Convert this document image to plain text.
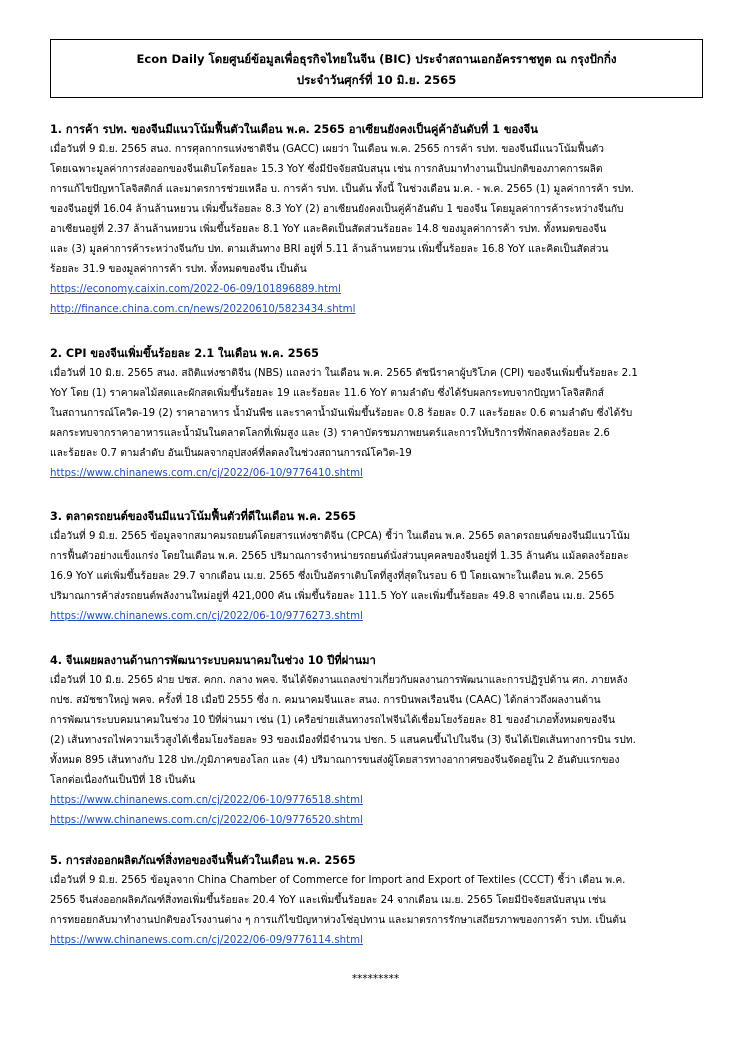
Econ Daily โดยศูนย์ข้อมูลเพื่อธุรกิจไทยในจีน (BIC) ประจำสถานเอกอัครราชทูต ณ กรุงปักกิ่ง
ประจำวันศุกร์ที่ 10 มิ.ย. 2565
1. การค้า รปท. ของจีนมีแนวโน้มฟื้นตัวในเดือน พ.ค. 2565 อาเซียนยังคงเป็นคู่ค้าอันดับที่ 1 ของจีน
เมื่อวันที่ 9 มิ.ย. 2565 สนง. การศุลกากรแห่งชาติจีน (GACC) เผยว่า ในเดือน พ.ค. 2565 การค้า รปท. ของจีนมีแนวโน้มฟื้นตัว
โดยเฉพาะมูลค่าการส่งออกของจีนเติบโตร้อยละ 15.3 YoY ซึ่งมีปัจจัยสนับสนุน เช่น การกลับมาทำงานเป็นปกติของภาคการผลิต
การแก้ไขปัญหาโลจิสติกส์ และมาตรการช่วยเหลือ บ. การค้า รปท. เป็นต้น ทั้งนี้ ในช่วงเดือน ม.ค. - พ.ค. 2565 (1) มูลค่าการค้า รปท.
ของจีนอยู่ที่ 16.04 ล้านล้านหยวน เพิ่มขึ้นร้อยละ 8.3 YoY (2) อาเซียนยังคงเป็นคู่ค้าอันดับ 1 ของจีน โดยมูลค่าการค้าระหว่างจีนกับ
อาเซียนอยู่ที่ 2.37 ล้านล้านหยวน เพิ่มขึ้นร้อยละ 8.1 YoY และคิดเป็นสัดส่วนร้อยละ 14.8 ของมูลค่าการค้า รปท. ทั้งหมดของจีน
และ (3) มูลค่าการค้าระหว่างจีนกับ ปท. ตามเส้นทาง BRI อยู่ที่ 5.11 ล้านล้านหยวน เพิ่มขึ้นร้อยละ 16.8 YoY และคิดเป็นสัดส่วน
ร้อยละ 31.9 ของมูลค่าการค้า รปท. ทั้งหมดของจีน เป็นต้น
https://economy.caixin.com/2022-06-09/101896889.html
http://finance.china.com.cn/news/20220610/5823434.shtml
2. CPI ของจีนเพิ่มขึ้นร้อยละ 2.1 ในเดือน พ.ค. 2565
เมื่อวันที่ 10 มิ.ย. 2565 สนง. สถิติแห่งชาติจีน (NBS) แถลงว่า ในเดือน พ.ค. 2565 ดัชนีราคาผู้บริโภค (CPI) ของจีนเพิ่มขึ้นร้อยละ 2.1
YoY โดย (1) ราคาผลไม้สดและผักสดเพิ่มขึ้นร้อยละ 19 และร้อยละ 11.6 YoY ตามลำดับ ซึ่งได้รับผลกระทบจากปัญหาโลจิสติกส์
ในสถานการณ์โควิด-19 (2) ราคาอาหาร น้ำมันพืช และราคาน้ำมันเพิ่มขึ้นร้อยละ 0.8 ร้อยละ 0.7 และร้อยละ 0.6 ตามลำดับ ซึ่งได้รับ
ผลกระทบจากราคาอาหารและน้ำมันในตลาดโลกที่เพิ่มสูง และ (3) ราคาบัตรชมภาพยนตร์และการให้บริการที่พักลดลงร้อยละ 2.6
และร้อยละ 0.7 ตามลำดับ อันเป็นผลจากอุปสงค์ที่ลดลงในช่วงสถานการณ์โควิด-19
https://www.chinanews.com.cn/cj/2022/06-10/9776410.shtml
3. ตลาดรถยนต์ของจีนมีแนวโน้มฟื้นตัวที่ดีในเดือน พ.ค. 2565
เมื่อวันที่ 9 มิ.ย. 2565 ข้อมูลจากสมาคมรถยนต์โดยสารแห่งชาติจีน (CPCA) ชี้ว่า ในเดือน พ.ค. 2565 ตลาดรถยนต์ของจีนมีแนวโน้ม
การฟื้นตัวอย่างแข็งแกร่ง โดยในเดือน พ.ค. 2565 ปริมาณการจำหน่ายรถยนต์นั่งส่วนบุคคลของจีนอยู่ที่ 1.35 ล้านคัน แม้ลดลงร้อยละ
16.9 YoY แต่เพิ่มขึ้นร้อยละ 29.7 จากเดือน เม.ย. 2565 ซึ่งเป็นอัตราเติบโตที่สูงที่สุดในรอบ 6 ปี โดยเฉพาะในเดือน พ.ค. 2565
ปริมาณการค้าส่งรถยนต์พลังงานใหม่อยู่ที่ 421,000 คัน เพิ่มขึ้นร้อยละ 111.5 YoY และเพิ่มขึ้นร้อยละ 49.8 จากเดือน เม.ย. 2565
https://www.chinanews.com.cn/cj/2022/06-10/9776273.shtml
4. จีนเผยผลงานด้านการพัฒนาระบบคมนาคมในช่วง 10 ปีที่ผ่านมา
เมื่อวันที่ 10 มิ.ย. 2565 ฝ่าย ปชส. คกก. กลาง พคจ. จีนได้จัดงานแถลงข่าวเกี่ยวกับผลงานการพัฒนาและการปฏิรูปด้าน ศก. ภายหลัง
กปช. สมัชชาใหญ่ พคจ. ครั้งที่ 18 เมื่อปี 2555 ซึ่ง ก. คมนาคมจีนและ สนง. การบินพลเรือนจีน (CAAC) ได้กล่าวถึงผลงานด้าน
การพัฒนาระบบคมนาคมในช่วง 10 ปีที่ผ่านมา เช่น (1) เครือข่ายเส้นทางรถไฟจีนได้เชื่อมโยงร้อยละ 81 ของอำเภอทั้งหมดของจีน
(2) เส้นทางรถไฟความเร็วสูงได้เชื่อมโยงร้อยละ 93 ของเมืองที่มีจำนวน ปชก. 5 แสนคนขึ้นไปในจีน (3) จีนได้เปิดเส้นทางการบิน รปท.
ทั้งหมด 895 เส้นทางกับ 128 ปท./ภูมิภาคของโลก และ (4) ปริมาณการขนส่งผู้โดยสารทางอากาศของจีนจัดอยู่ใน 2 อันดับแรกของ
โลกต่อเนื่องกันเป็นปีที่ 18 เป็นต้น
https://www.chinanews.com.cn/cj/2022/06-10/9776518.shtml
https://www.chinanews.com.cn/cj/2022/06-10/9776520.shtml
5. การส่งออกผลิตภัณฑ์สิ่งทอของจีนฟื้นตัวในเดือน พ.ค. 2565
เมื่อวันที่ 9 มิ.ย. 2565 ข้อมูลจาก China Chamber of Commerce for Import and Export of Textiles (CCCT) ชี้ว่า เดือน พ.ค.
2565 จีนส่งออกผลิตภัณฑ์สิ่งทอเพิ่มขึ้นร้อยละ 20.4 YoY และเพิ่มขึ้นร้อยละ 24 จากเดือน เม.ย. 2565 โดยมีปัจจัยสนับสนุน เช่น
การทยอยกลับมาทำงานปกติของโรงงานต่าง ๆ การแก้ไขปัญหาห่วงโซ่อุปทาน และมาตรการรักษาเสถียรภาพของการค้า รปท. เป็นต้น
https://www.chinanews.com.cn/cj/2022/06-09/9776114.shtml
*********
